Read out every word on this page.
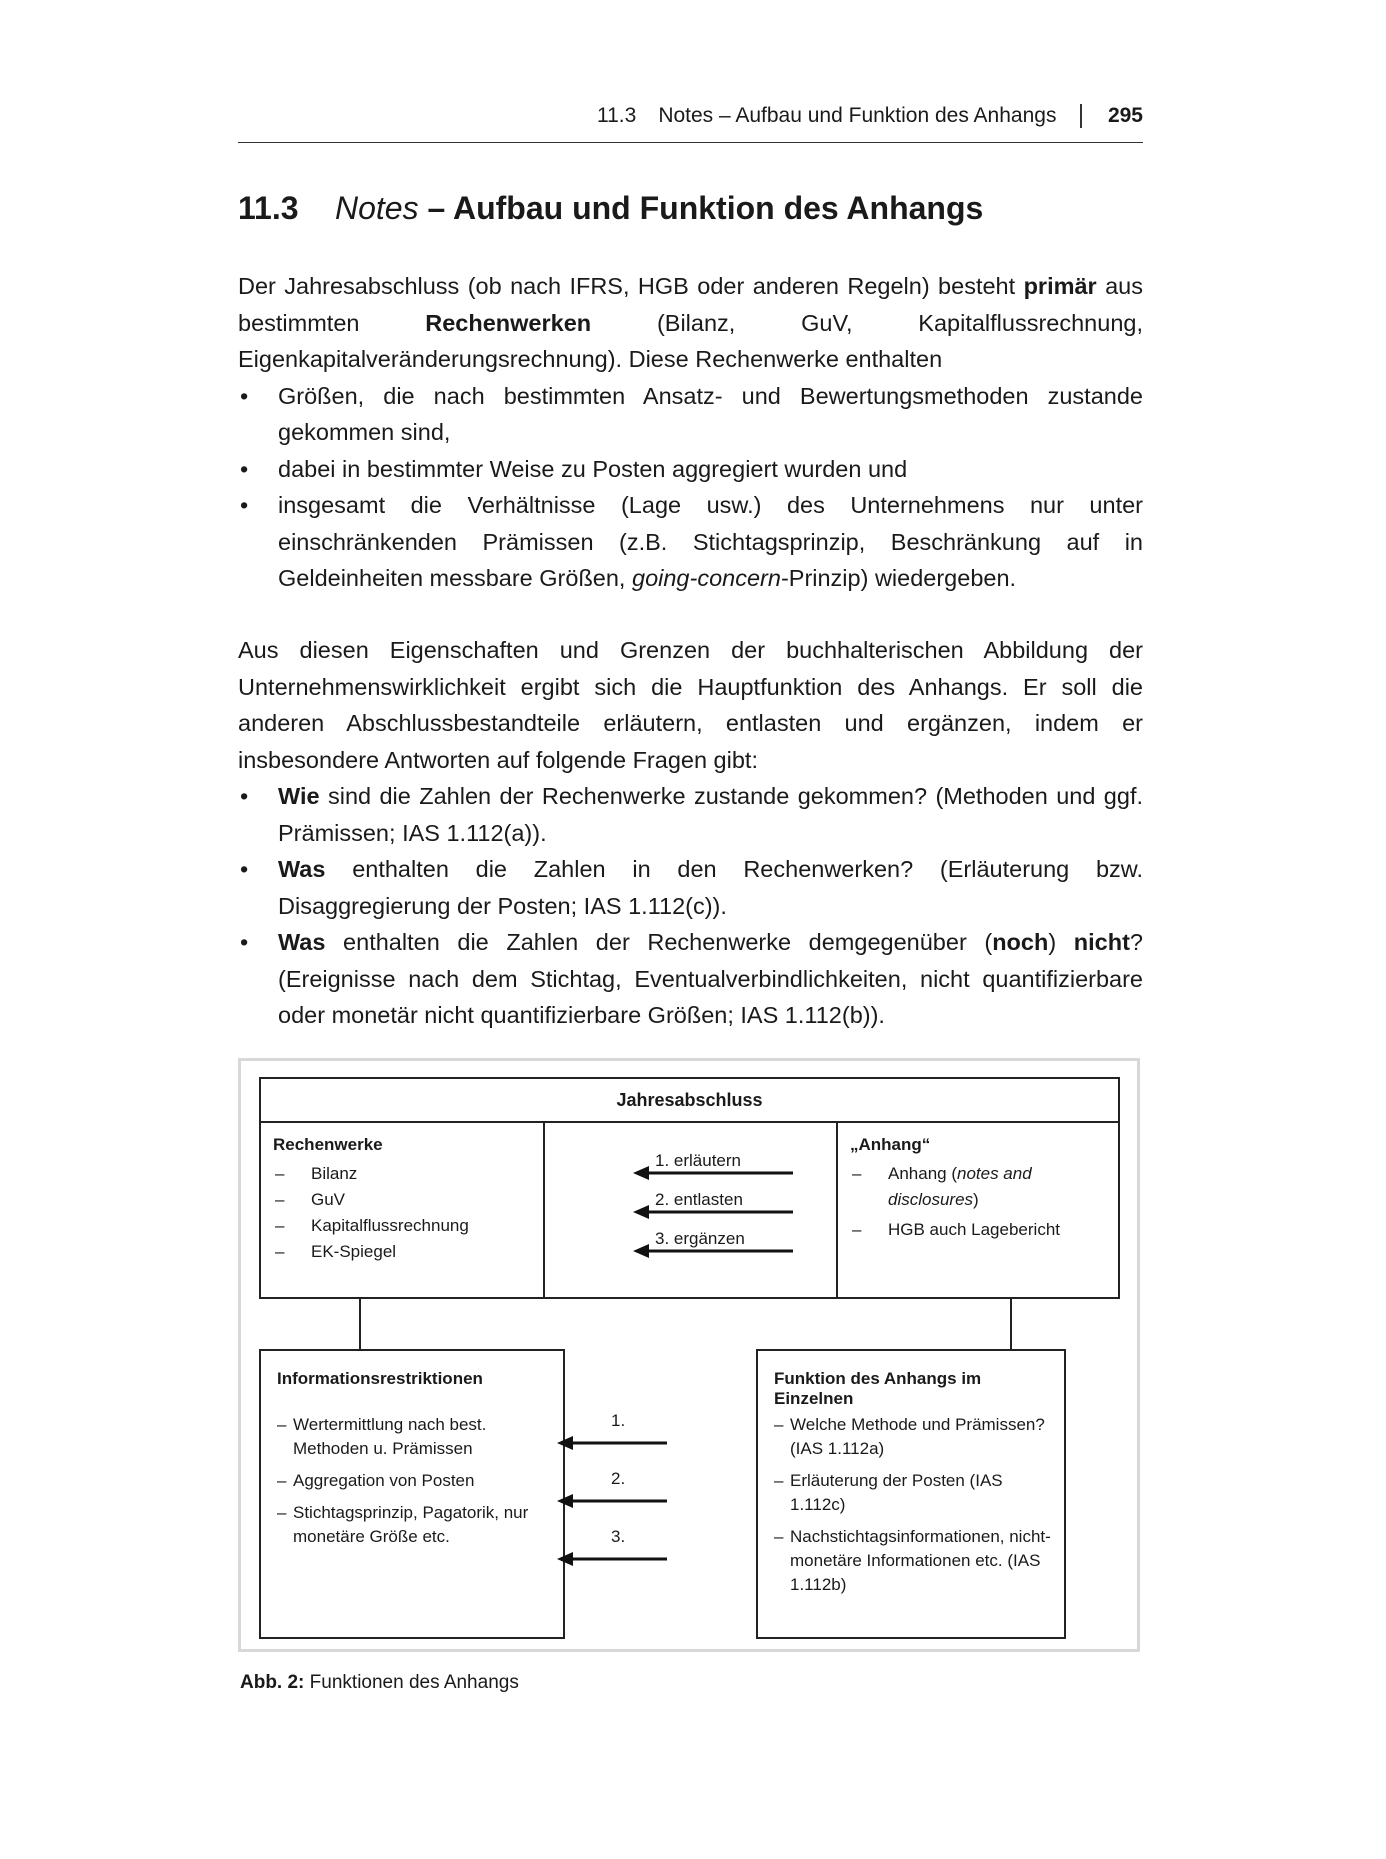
11.3 Notes – Aufbau und Funktion des Anhangs 295
11.3 Notes – Aufbau und Funktion des Anhangs

Der Jahresabschluss (ob nach IFRS, HGB oder anderen Regeln) besteht primär aus bestimmten Rechenwerken (Bilanz, GuV, Kapitalflussrechnung, Eigenkapitalveränderungsrechnung). Diese Rechenwerke enthalten

• Größen, die nach bestimmten Ansatz- und Bewertungsmethoden zustande gekommen sind,
• dabei in bestimmter Weise zu Posten aggregiert wurden und
• insgesamt die Verhältnisse (Lage usw.) des Unternehmens nur unter einschränkenden Prämissen (z.B. Stichtagsprinzip, Beschränkung auf in Geldeinheiten messbare Größen, going-concern-Prinzip) wiedergeben.

Aus diesen Eigenschaften und Grenzen der buchhalterischen Abbildung der Unternehmenswirklichkeit ergibt sich die Hauptfunktion des Anhangs. Er soll die anderen Abschlussbestandteile erläutern, entlasten und ergänzen, indem er insbesondere Antworten auf folgende Fragen gibt:

• Wie sind die Zahlen der Rechenwerke zustande gekommen? (Methoden und ggf. Prämissen; IAS 1.112(a)).
• Was enthalten die Zahlen in den Rechenwerken? (Erläuterung bzw. Disaggregierung der Posten; IAS 1.112(c)).
• Was enthalten die Zahlen der Rechenwerke demgegenüber (noch) nicht? (Ereignisse nach dem Stichtag, Eventualverbindlichkeiten, nicht quantifizierbare oder monetär nicht quantifizierbare Größen; IAS 1.112(b)).
Jahresabschluss
Rechenwerke
– Bilanz
– GuV
– Kapitalflussrechnung
– EK-Spiegel
1. erläutern
2. entlasten
3. ergänzen
„Anhang“
– Anhang (notes and disclosures)
– HGB auch Lagebericht
Informationsrestriktionen
– Wertermittlung nach best. Methoden u. Prämissen
– Aggregation von Posten
– Stichtagsprinzip, Pagatorik, nur monetäre Größe etc.
1.
2.
3.
Funktion des Anhangs im Einzelnen
– Welche Methode und Prämissen? (IAS 1.112a)
– Erläuterung der Posten (IAS 1.112c)
– Nachstichtagsinformationen, nicht-monetäre Informationen etc. (IAS 1.112b)
Abb. 2: Funktionen des Anhangs
